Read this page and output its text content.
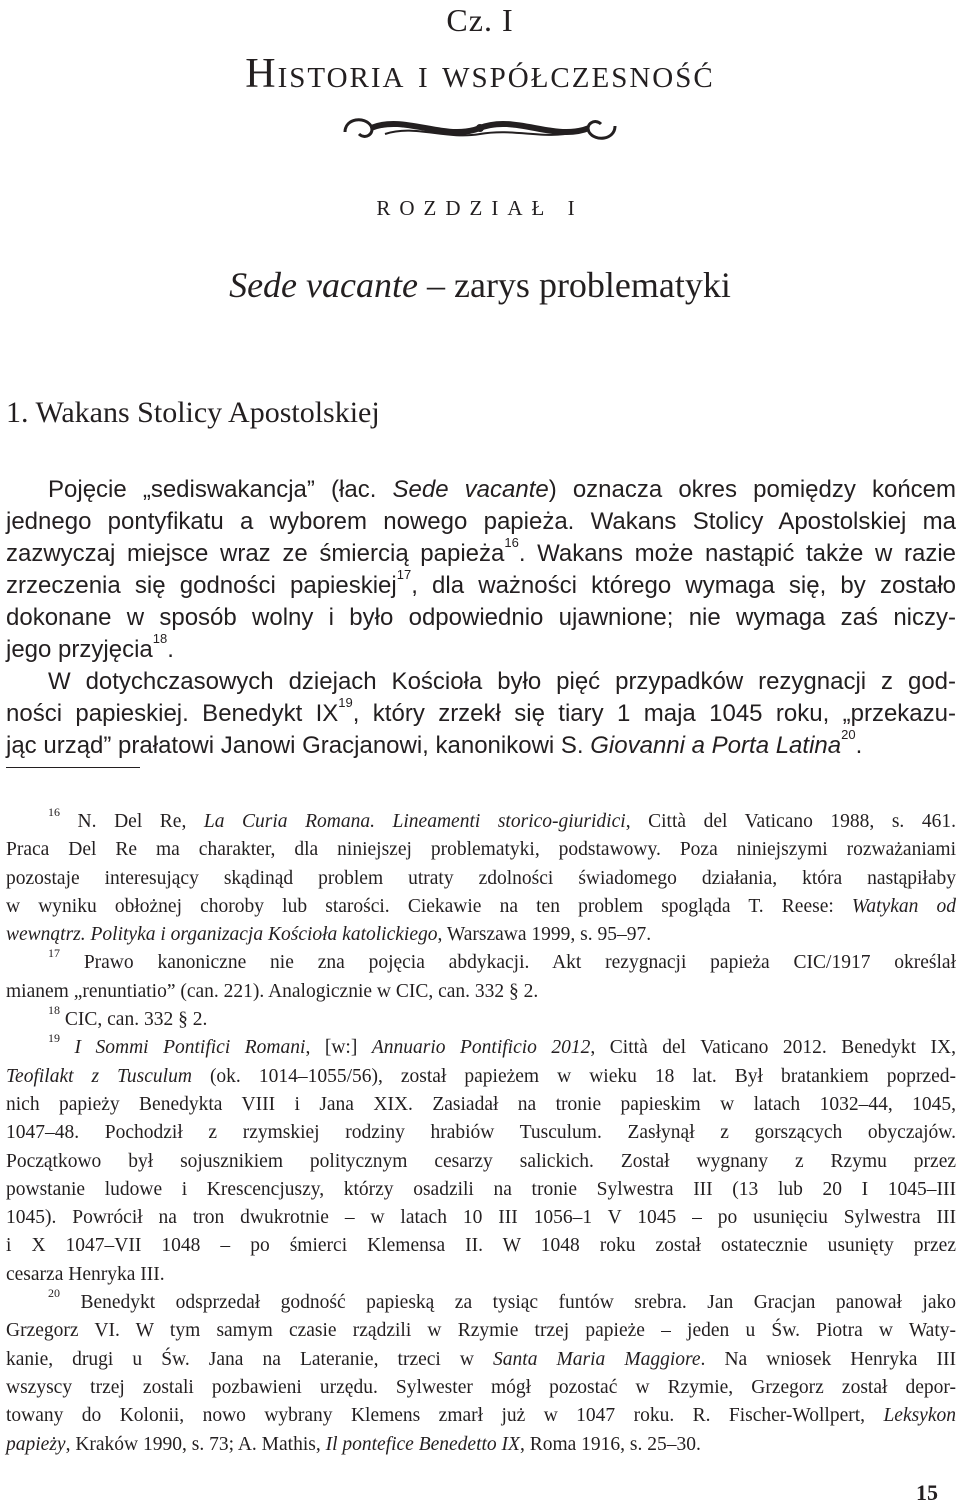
Cz. I
Historia i współczesność
ROZDZIAŁ I
Sede vacante – zarys problematyki
1. Wakans Stolicy Apostolskiej
Pojęcie „sediswakancja” (łac. Sede vacante) oznacza okres pomiędzy końcem
jednego pontyfikatu a wyborem nowego papieża. Wakans Stolicy Apostolskiej ma
zazwyczaj miejsce wraz ze śmiercią papieża$^{16}$. Wakans może nastąpić także w razie
zrzeczenia się godności papieskiej$^{17}$, dla ważności którego wymaga się, by zostało
dokonane w sposób wolny i było odpowiednio ujawnione; nie wymaga zaś niczy-
jego przyjęcia$^{18}$.
W dotychczasowych dziejach Kościoła było pięć przypadków rezygnacji z god-
ności papieskiej. Benedykt IX$^{19}$, który zrzekł się tiary 1 maja 1045 roku, „przekazu-
jąc urząd” prałatowi Janowi Gracjanowi, kanonikowi S. Giovanni a Porta Latina$^{20}$.
$^{16}$ N. Del Re, La Curia Romana. Lineamenti storico-giuridici, Città del Vaticano 1988, s. 461.
Praca Del Re ma charakter, dla niniejszej problematyki, podstawowy. Poza niniejszymi rozważaniami
pozostaje interesujący skądinąd problem utraty zdolności świadomego działania, która nastąpiłaby
w wyniku obłożnej choroby lub starości. Ciekawie na ten problem spogląda T. Reese: Watykan od
wewnątrz. Polityka i organizacja Kościoła katolickiego, Warszawa 1999, s. 95–97.
$^{17}$ Prawo kanoniczne nie zna pojęcia abdykacji. Akt rezygnacji papieża CIC/1917 określał
mianem „renuntiatio” (can. 221). Analogicznie w CIC, can. 332 § 2.
$^{18}$ CIC, can. 332 § 2.
$^{19}$ I Sommi Pontifici Romani, [w:] Annuario Pontificio 2012, Città del Vaticano 2012. Benedykt IX,
Teofilakt z Tusculum (ok. 1014–1055/56), został papieżem w wieku 18 lat. Był bratankiem poprzed-
nich papieży Benedykta VIII i Jana XIX. Zasiadał na tronie papieskim w latach 1032–44, 1045,
1047–48. Pochodził z rzymskiej rodziny hrabiów Tusculum. Zasłynął z gorszących obyczajów.
Początkowo był sojusznikiem politycznym cesarzy salickich. Został wygnany z Rzymu przez
powstanie ludowe i Krescencjuszy, którzy osadzili na tronie Sylwestra III (13 lub 20 I 1045–III
1045). Powrócił na tron dwukrotnie – w latach 10 III 1056–1 V 1045 – po usunięciu Sylwestra III
i X 1047–VII 1048 – po śmierci Klemensa II. W 1048 roku został ostatecznie usunięty przez
cesarza Henryka III.
$^{20}$ Benedykt odsprzedał godność papieską za tysiąc funtów srebra. Jan Gracjan panował jako
Grzegorz VI. W tym samym czasie rządzili w Rzymie trzej papieże – jeden u Św. Piotra w Waty-
kanie, drugi u Św. Jana na Lateranie, trzeci w Santa Maria Maggiore. Na wniosek Henryka III
wszyscy trzej zostali pozbawieni urzędu. Sylwester mógł pozostać w Rzymie, Grzegorz został depor-
towany do Kolonii, nowo wybrany Klemens zmarł już w 1047 roku. R. Fischer-Wollpert, Leksykon
papieży, Kraków 1990, s. 73; A. Mathis, Il pontefice Benedetto IX, Roma 1916, s. 25–30.
15
